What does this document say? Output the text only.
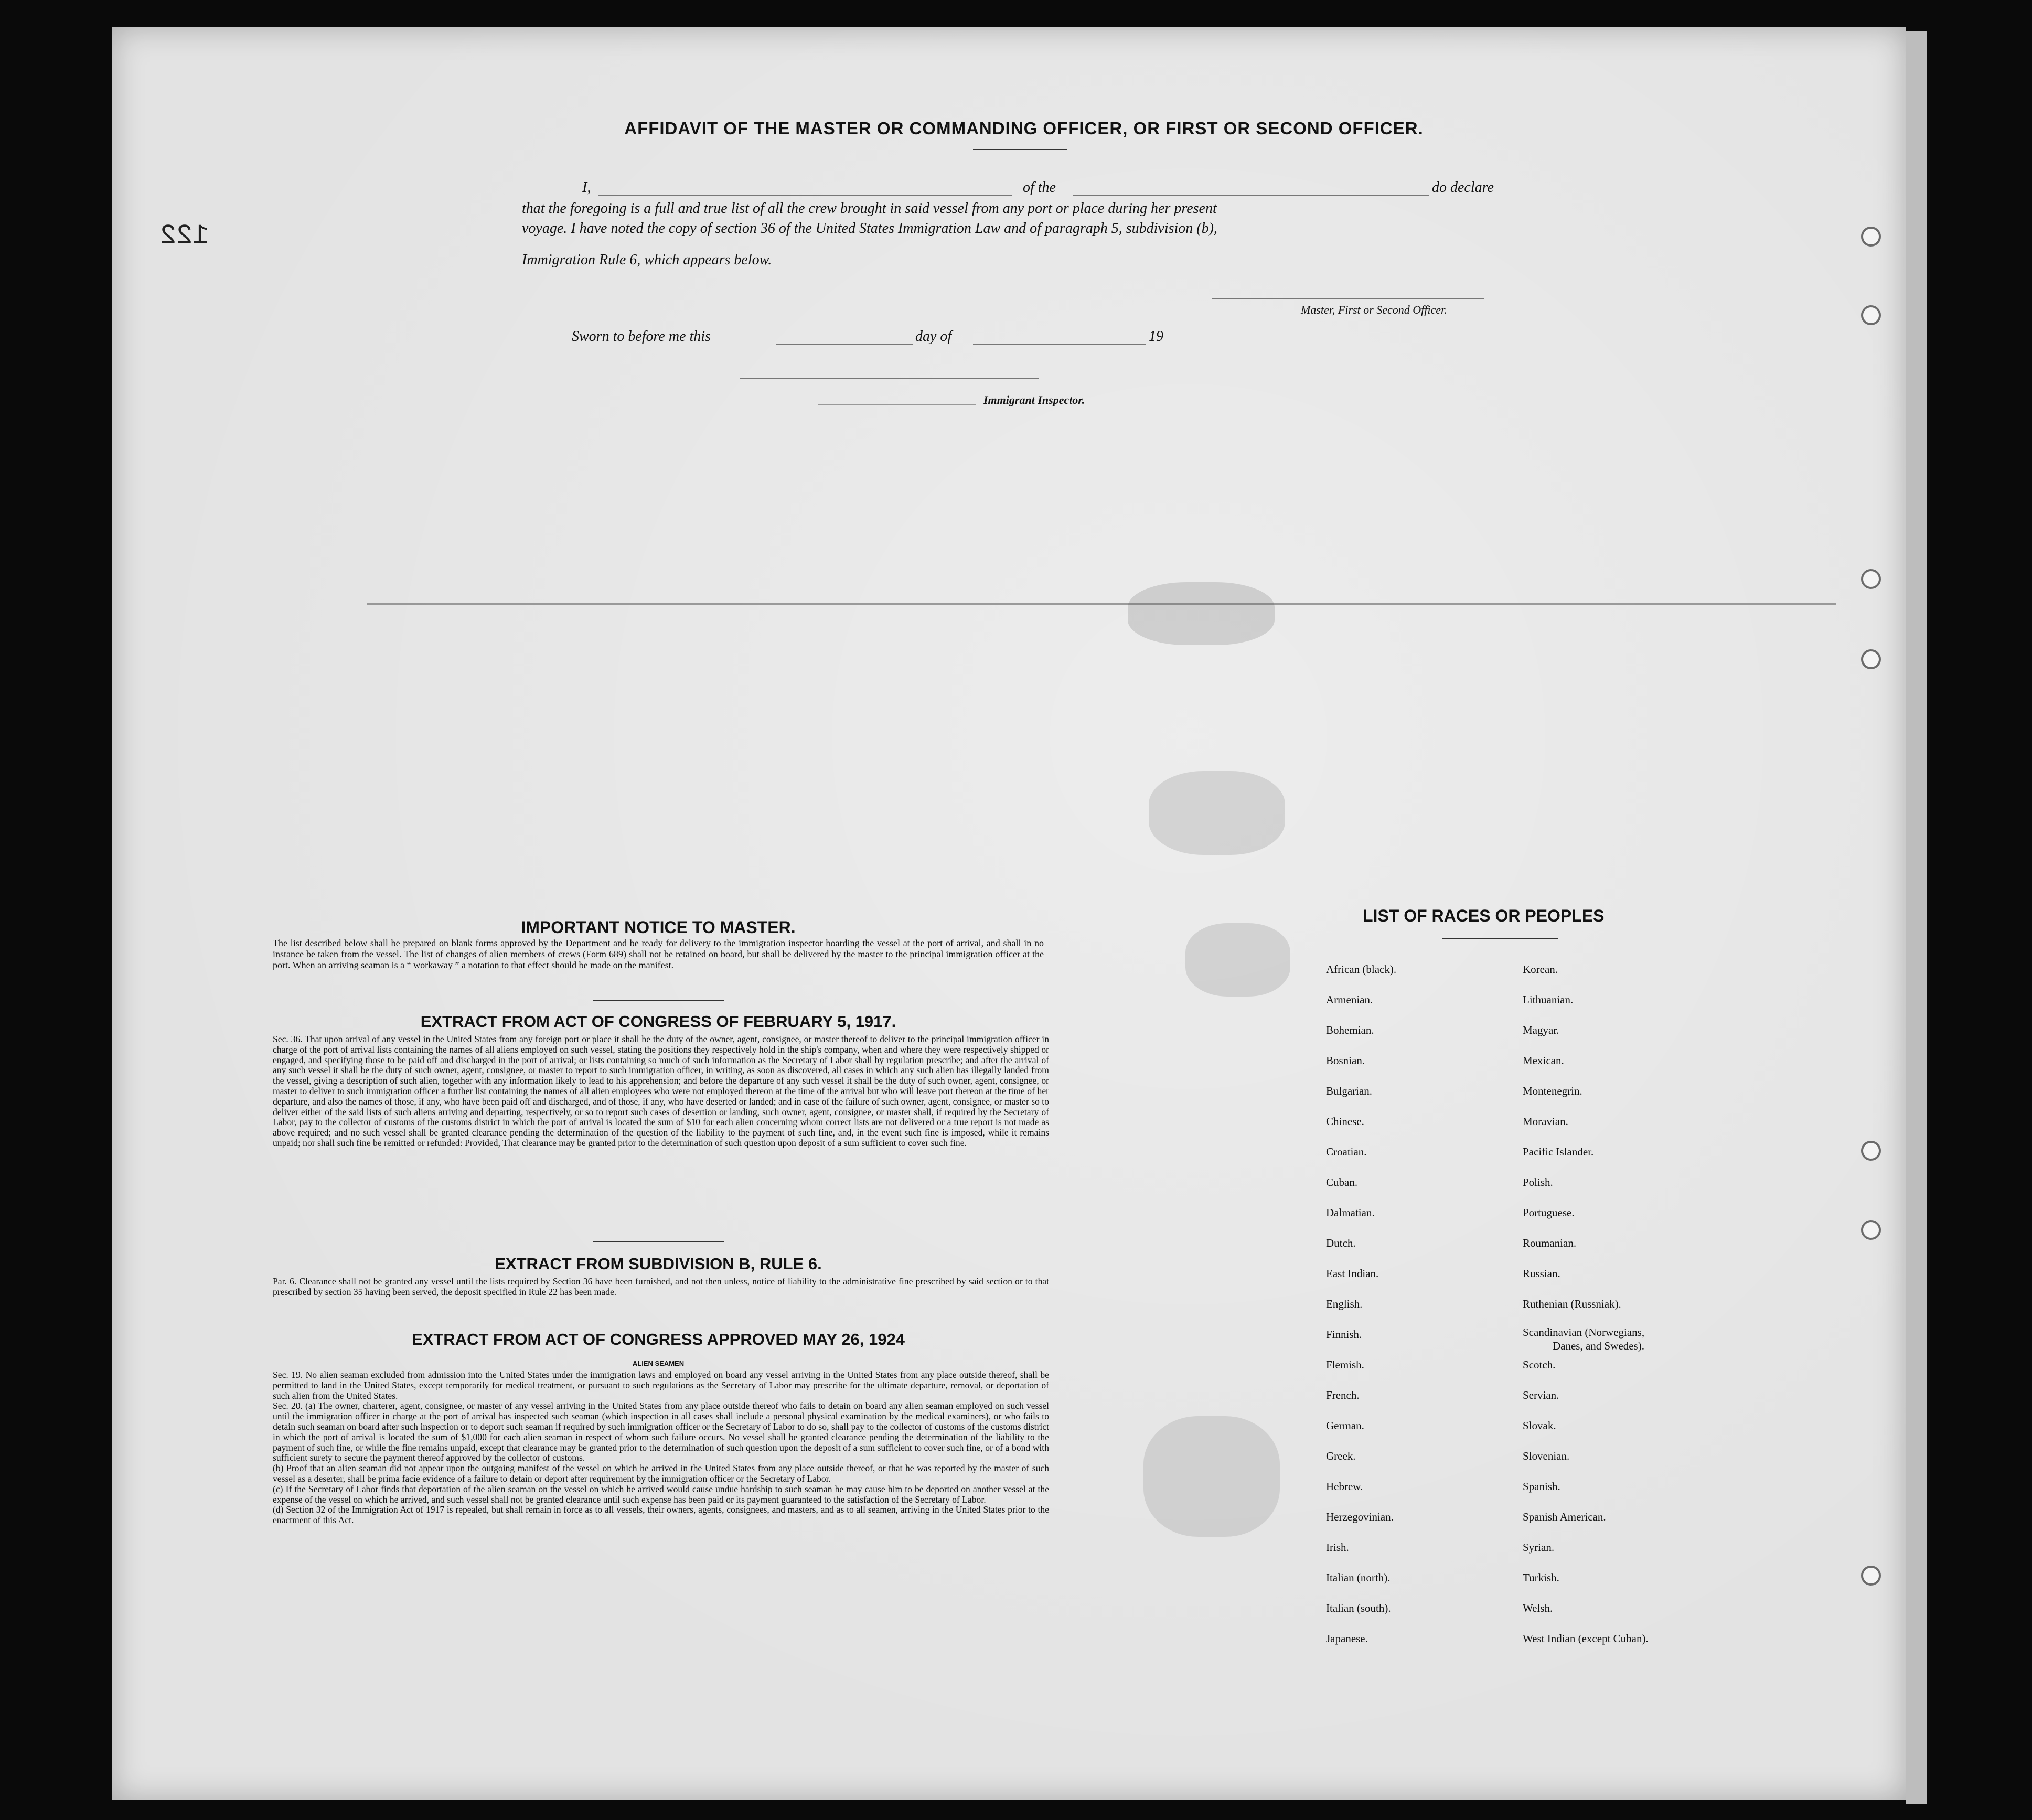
122
AFFIDAVIT OF THE MASTER OR COMMANDING OFFICER, OR FIRST OR SECOND OFFICER.
I,	of the	do declare
that the foregoing is a full and true list of all the crew brought in said vessel from any port or place during her present
voyage. I have noted the copy of section 36 of the United States Immigration Law and of paragraph 5, subdivision (b),
Immigration Rule 6, which appears below.
Master, First or Second Officer.
Sworn to before me this	day of	19
Immigrant Inspector.
IMPORTANT NOTICE TO MASTER.
The list described below shall be prepared on blank forms approved by the Department and be ready for delivery to the immigration inspector boarding the vessel at the port of arrival, and shall in no instance be taken from the vessel. The list of changes of alien members of crews (Form 689) shall not be retained on board, but shall be delivered by the master to the principal immigration officer at the port. When an arriving seaman is a “ workaway ” a notation to that effect should be made on the manifest.
EXTRACT FROM ACT OF CONGRESS OF FEBRUARY 5, 1917.
Sec. 36. That upon arrival of any vessel in the United States from any foreign port or place it shall be the duty of the owner, agent, consignee, or master thereof to deliver to the principal immigration officer in charge of the port of arrival lists containing the names of all aliens employed on such vessel, stating the positions they respectively hold in the ship's company, when and where they were respectively shipped or engaged, and specifying those to be paid off and discharged in the port of arrival; or lists containing so much of such information as the Secretary of Labor shall by regulation prescribe; and after the arrival of any such vessel it shall be the duty of such owner, agent, consignee, or master to report to such immigration officer, in writing, as soon as discovered, all cases in which any such alien has illegally landed from the vessel, giving a description of such alien, together with any information likely to lead to his apprehension; and before the departure of any such vessel it shall be the duty of such owner, agent, consignee, or master to deliver to such immigration officer a further list containing the names of all alien employees who were not employed thereon at the time of the arrival but who will leave port thereon at the time of her departure, and also the names of those, if any, who have been paid off and discharged, and of those, if any, who have deserted or landed; and in case of the failure of such owner, agent, consignee, or master so to deliver either of the said lists of such aliens arriving and departing, respectively, or so to report such cases of desertion or landing, such owner, agent, consignee, or master shall, if required by the Secretary of Labor, pay to the collector of customs of the customs district in which the port of arrival is located the sum of $10 for each alien concerning whom correct lists are not delivered or a true report is not made as above required; and no such vessel shall be granted clearance pending the determination of the question of the liability to the payment of such fine, and, in the event such fine is imposed, while it remains unpaid; nor shall such fine be remitted or refunded: Provided, That clearance may be granted prior to the determination of such question upon deposit of a sum sufficient to cover such fine.
EXTRACT FROM SUBDIVISION B, RULE 6.
Par. 6. Clearance shall not be granted any vessel until the lists required by Section 36 have been furnished, and not then unless, notice of liability to the administrative fine prescribed by said section or to that prescribed by section 35 having been served, the deposit specified in Rule 22 has been made.
EXTRACT FROM ACT OF CONGRESS APPROVED MAY 26, 1924
ALIEN SEAMEN
Sec. 19. No alien seaman excluded from admission into the United States under the immigration laws and employed on board any vessel arriving in the United States from any place outside thereof, shall be permitted to land in the United States, except temporarily for medical treatment, or pursuant to such regulations as the Secretary of Labor may prescribe for the ultimate departure, removal, or deportation of such alien from the United States.
Sec. 20. (a) The owner, charterer, agent, consignee, or master of any vessel arriving in the United States from any place outside thereof who fails to detain on board any alien seaman employed on such vessel until the immigration officer in charge at the port of arrival has inspected such seaman (which inspection in all cases shall include a personal physical examination by the medical examiners), or who fails to detain such seaman on board after such inspection or to deport such seaman if required by such immigration officer or the Secretary of Labor to do so, shall pay to the collector of customs of the customs district in which the port of arrival is located the sum of $1,000 for each alien seaman in respect of whom such failure occurs. No vessel shall be granted clearance pending the determination of the liability to the payment of such fine, or while the fine remains unpaid, except that clearance may be granted prior to the determination of such question upon the deposit of a sum sufficient to cover such fine, or of a bond with sufficient surety to secure the payment thereof approved by the collector of customs.
(b) Proof that an alien seaman did not appear upon the outgoing manifest of the vessel on which he arrived in the United States from any place outside thereof, or that he was reported by the master of such vessel as a deserter, shall be prima facie evidence of a failure to detain or deport after requirement by the immigration officer or the Secretary of Labor.
(c) If the Secretary of Labor finds that deportation of the alien seaman on the vessel on which he arrived would cause undue hardship to such seaman he may cause him to be deported on another vessel at the expense of the vessel on which he arrived, and such vessel shall not be granted clearance until such expense has been paid or its payment guaranteed to the satisfaction of the Secretary of Labor.
(d) Section 32 of the Immigration Act of 1917 is repealed, but shall remain in force as to all vessels, their owners, agents, consignees, and masters, and as to all seamen, arriving in the United States prior to the enactment of this Act.
LIST OF RACES OR PEOPLES
African (black).
Armenian.
Bohemian.
Bosnian.
Bulgarian.
Chinese.
Croatian.
Cuban.
Dalmatian.
Dutch.
East Indian.
English.
Finnish.
Flemish.
French.
German.
Greek.
Hebrew.
Herzegovinian.
Irish.
Italian (north).
Italian (south).
Japanese.
Korean.
Lithuanian.
Magyar.
Mexican.
Montenegrin.
Moravian.
Pacific Islander.
Polish.
Portuguese.
Roumanian.
Russian.
Ruthenian (Russniak).
Scandinavian (Norwegians,
Danes, and Swedes).
Scotch.
Servian.
Slovak.
Slovenian.
Spanish.
Spanish American.
Syrian.
Turkish.
Welsh.
West Indian (except Cuban).
